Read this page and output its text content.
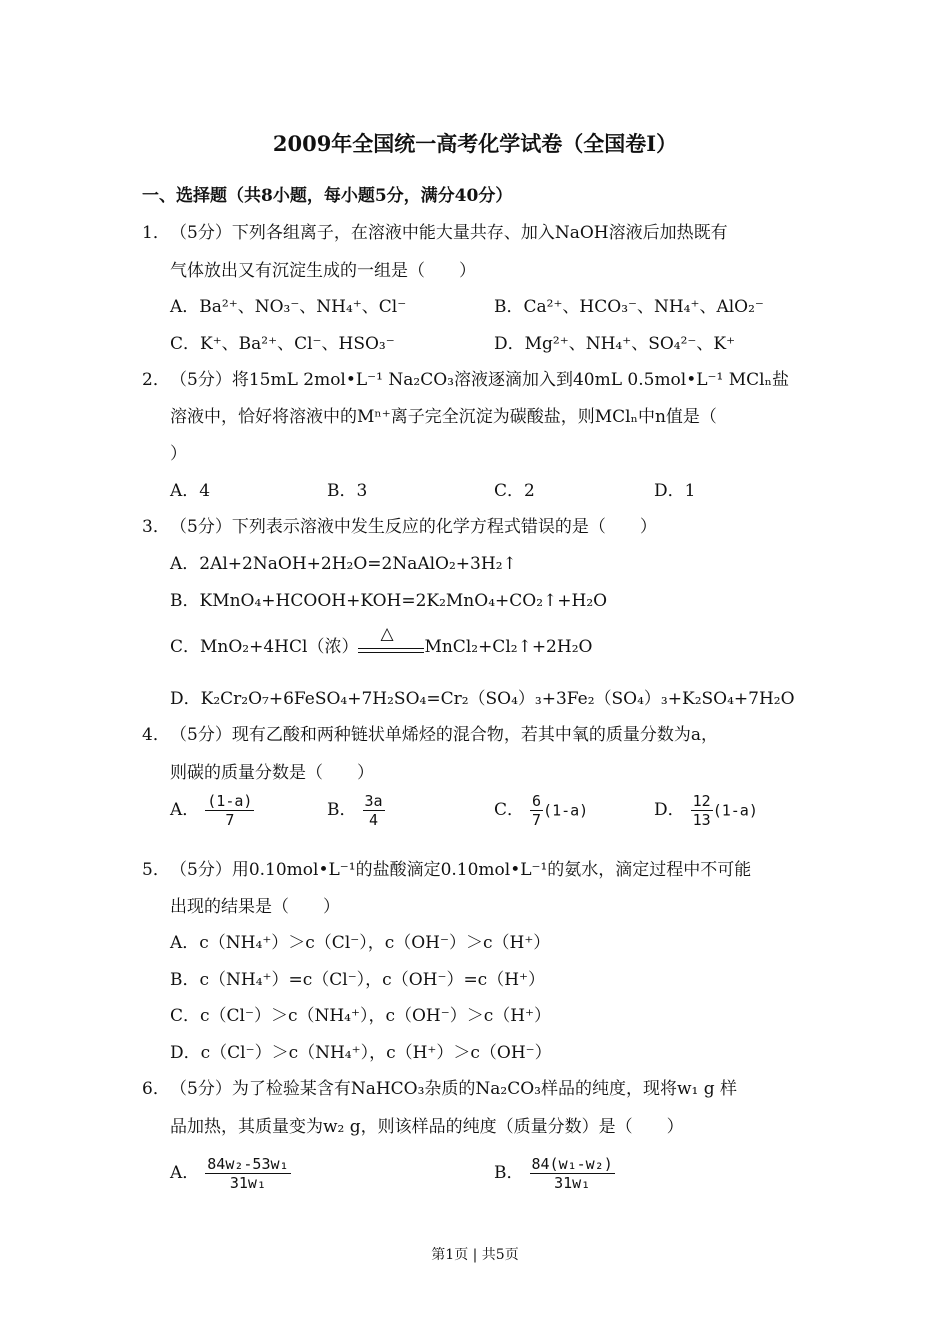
2009年全国统一高考化学试卷（全国卷Ⅰ）
一、选择题（共8小题，每小题5分，满分40分）
1．（5分）下列各组离子，在溶液中能大量共存、加入NaOH溶液后加热既有
气体放出又有沉淀生成的一组是（　　）
A．Ba²⁺、NO₃⁻、NH₄⁺、Cl⁻	B．Ca²⁺、HCO₃⁻、NH₄⁺、AlO₂⁻
C．K⁺、Ba²⁺、Cl⁻、HSO₃⁻	D．Mg²⁺、NH₄⁺、SO₄²⁻、K⁺
2．（5分）将15mL 2mol•L⁻¹ Na₂CO₃溶液逐滴加入到40mL 0.5mol•L⁻¹ MClₙ盐
溶液中，恰好将溶液中的Mⁿ⁺离子完全沉淀为碳酸盐，则MClₙ中n值是（
）
A．4	B．3	C．2	D．1
3．（5分）下列表示溶液中发生反应的化学方程式错误的是（　　）
A．2Al+2NaOH+2H₂O=2NaAlO₂+3H₂↑
B．KMnO₄+HCOOH+KOH=2K₂MnO₄+CO₂↑+H₂O
C．MnO₂+4HCl（浓）
△
MnCl₂+Cl₂↑+2H₂O
D．K₂Cr₂O₇+6FeSO₄+7H₂SO₄=Cr₂（SO₄）₃+3Fe₂（SO₄）₃+K₂SO₄+7H₂O
4．（5分）现有乙酸和两种链状单烯烃的混合物，若其中氧的质量分数为a，
则碳的质量分数是（　　）
A． $\frac{(1-a)}{7}$	B． $\frac{3a}{4}$	C． $\frac{6}{7} (1-a)$	D． $\frac{12}{13} (1-a)$
5．（5分）用0.10mol•L⁻¹的盐酸滴定0.10mol•L⁻¹的氨水，滴定过程中不可能
出现的结果是（　　）
A．c（NH₄⁺）＞c（Cl⁻），c（OH⁻）＞c（H⁺）
B．c（NH₄⁺）=c（Cl⁻），c（OH⁻）=c（H⁺）
C．c（Cl⁻）＞c（NH₄⁺），c（OH⁻）＞c（H⁺）
D．c（Cl⁻）＞c（NH₄⁺），c（H⁺）＞c（OH⁻）
6．（5分）为了检验某含有NaHCO₃杂质的Na₂CO₃样品的纯度，现将w₁ g 样
品加热，其质量变为w₂ g，则该样品的纯度（质量分数）是（　　）
A． $\frac{\text{84w₂-53w₁}}{\text{31w₁}}$	B． $\frac{\text{84(w₁-w₂)}}{\text{31w₁}}$
第1页 | 共5页
